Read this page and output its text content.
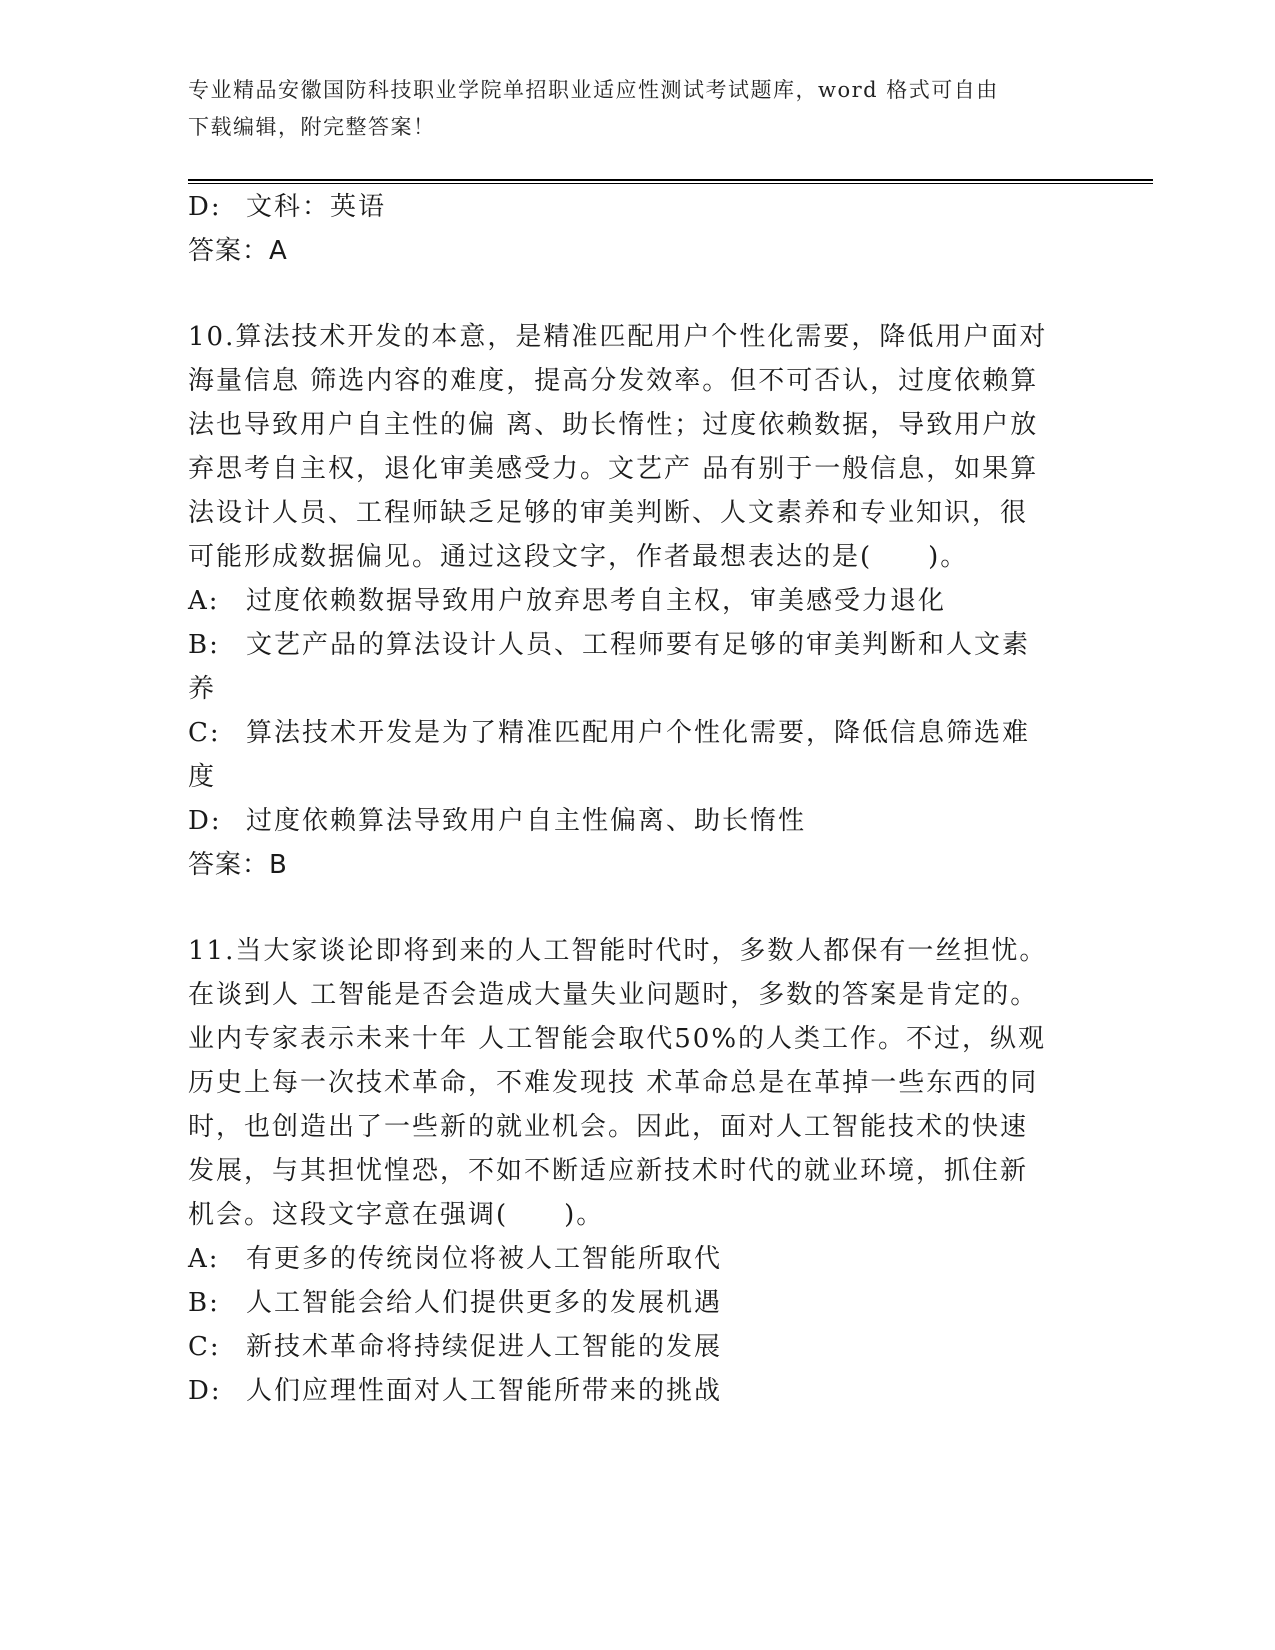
专业精品安徽国防科技职业学院单招职业适应性测试考试题库，word 格式可自由
下载编辑，附完整答案！
D: 文科：英语
答案：A
10.算法技术开发的本意，是精准匹配用户个性化需要，降低用户面对
海量信息 筛选内容的难度，提高分发效率。但不可否认，过度依赖算
法也导致用户自主性的偏 离、助长惰性；过度依赖数据，导致用户放
弃思考自主权，退化审美感受力。文艺产 品有别于一般信息，如果算
法设计人员、工程师缺乏足够的审美判断、人文素养和专业知识，很
可能形成数据偏见。通过这段文字，作者最想表达的是(　　)。
A: 过度依赖数据导致用户放弃思考自主权，审美感受力退化
B: 文艺产品的算法设计人员、工程师要有足够的审美判断和人文素
养
C: 算法技术开发是为了精准匹配用户个性化需要，降低信息筛选难
度
D: 过度依赖算法导致用户自主性偏离、助长惰性
答案：B
11.当大家谈论即将到来的人工智能时代时，多数人都保有一丝担忧。
在谈到人 工智能是否会造成大量失业问题时，多数的答案是肯定的。
业内专家表示未来十年 人工智能会取代50%的人类工作。不过，纵观
历史上每一次技术革命，不难发现技 术革命总是在革掉一些东西的同
时，也创造出了一些新的就业机会。因此，面对人工智能技术的快速
发展，与其担忧惶恐，不如不断适应新技术时代的就业环境，抓住新
机会。这段文字意在强调(　　)。
A: 有更多的传统岗位将被人工智能所取代
B: 人工智能会给人们提供更多的发展机遇
C: 新技术革命将持续促进人工智能的发展
D: 人们应理性面对人工智能所带来的挑战
